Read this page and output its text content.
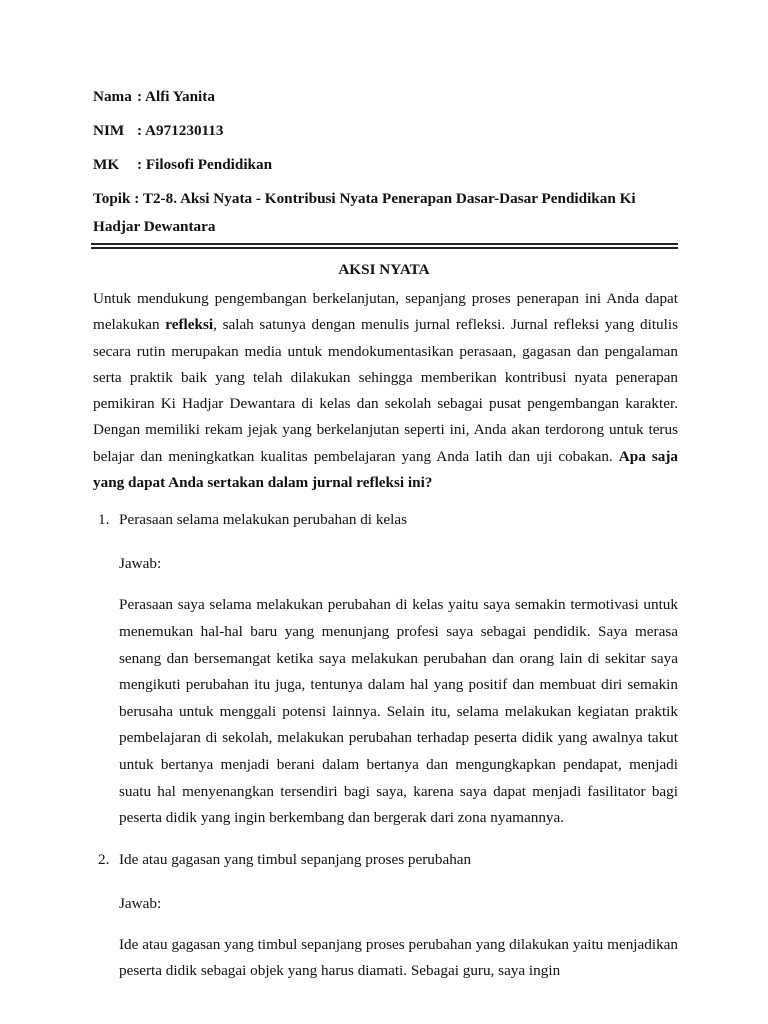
Nama : Alfi Yanita
NIM : A971230113
MK	: Filosofi Pendidikan
Topik : T2-8. Aksi Nyata - Kontribusi Nyata Penerapan Dasar-Dasar Pendidikan Ki Hadjar Dewantara
AKSI NYATA

Untuk mendukung pengembangan berkelanjutan, sepanjang proses penerapan ini Anda dapat melakukan refleksi, salah satunya dengan menulis jurnal refleksi. Jurnal refleksi yang ditulis secara rutin merupakan media untuk mendokumentasikan perasaan, gagasan dan pengalaman serta praktik baik yang telah dilakukan sehingga memberikan kontribusi nyata penerapan pemikiran Ki Hadjar Dewantara di kelas dan sekolah sebagai pusat pengembangan karakter. Dengan memiliki rekam jejak yang berkelanjutan seperti ini, Anda akan terdorong untuk terus belajar dan meningkatkan kualitas pembelajaran yang Anda latih dan uji cobakan. Apa saja yang dapat Anda sertakan dalam jurnal refleksi ini?

1. Perasaan selama melakukan perubahan di kelas
Jawab:
Perasaan saya selama melakukan perubahan di kelas yaitu saya semakin termotivasi untuk menemukan hal-hal baru yang menunjang profesi saya sebagai pendidik. Saya merasa senang dan bersemangat ketika saya melakukan perubahan dan orang lain di sekitar saya mengikuti perubahan itu juga, tentunya dalam hal yang positif dan membuat diri semakin berusaha untuk menggali potensi lainnya. Selain itu, selama melakukan kegiatan praktik pembelajaran di sekolah, melakukan perubahan terhadap peserta didik yang awalnya takut untuk bertanya menjadi berani dalam bertanya dan mengungkapkan pendapat, menjadi suatu hal menyenangkan tersendiri bagi saya, karena saya dapat menjadi fasilitator bagi peserta didik yang ingin berkembang dan bergerak dari zona nyamannya.
2. Ide atau gagasan yang timbul sepanjang proses perubahan
Jawab:
Ide atau gagasan yang timbul sepanjang proses perubahan yang dilakukan yaitu menjadikan peserta didik sebagai objek yang harus diamati. Sebagai guru, saya ingin
